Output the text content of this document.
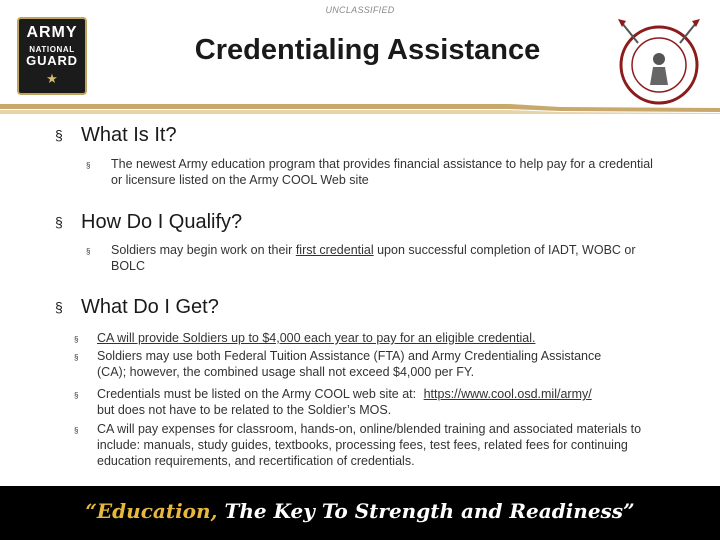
UNCLASSIFIED
ARMY
NATIONAL
GUARD
★
Credentialing Assistance
§ What Is It?
§ The newest Army education program that provides financial assistance to help pay for a credential or licensure listed on the Army COOL Web site
§ How Do I Qualify?
§ Soldiers may begin work on their first credential upon successful completion of IADT, WOBC or BOLC
§ What Do I Get?
§ CA will provide Soldiers up to $4,000 each year to pay for an eligible credential.
§ Soldiers may use both Federal Tuition Assistance (FTA) and Army Credentialing Assistance (CA); however, the combined usage shall not exceed $4,000 per FY.
§ Credentials must be listed on the Army COOL web site at: https://www.cool.osd.mil/army/
but does not have to be related to the Soldier’s MOS.
§ CA will pay expenses for classroom, hands-on, online/blended training and associated materials to include: manuals, study guides, textbooks, processing fees, test fees, related fees for continuing education requirements, and recertification of credentials.
“Education, The Key To Strength and Readiness”
